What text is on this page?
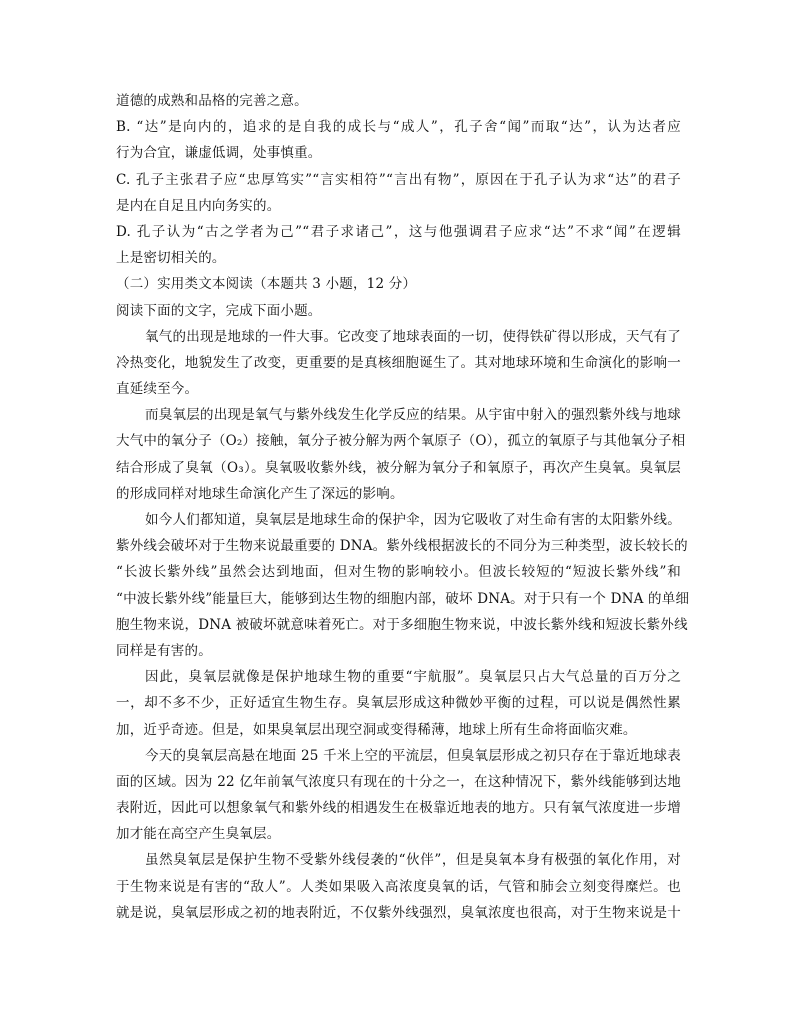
道德的成熟和品格的完善之意。
B. “达”是向内的，追求的是自我的成长与“成人”，孔子舍“闻”而取“达”，认为达者应
行为合宜，谦虚低调，处事慎重。
C. 孔子主张君子应“忠厚笃实”“言实相符”“言出有物”，原因在于孔子认为求“达”的君子
是内在自足且内向务实的。
D. 孔子认为“古之学者为己”“君子求诸己”，这与他强调君子应求“达”不求“闻”在逻辑
上是密切相关的。
（二）实用类文本阅读（本题共 3 小题，12 分）
阅读下面的文字，完成下面小题。
氧气的出现是地球的一件大事。它改变了地球表面的一切，使得铁矿得以形成，天气有了
冷热变化，地貌发生了改变，更重要的是真核细胞诞生了。其对地球环境和生命演化的影响一
直延续至今。
而臭氧层的出现是氧气与紫外线发生化学反应的结果。从宇宙中射入的强烈紫外线与地球
大气中的氧分子（O₂）接触，氧分子被分解为两个氧原子（O），孤立的氧原子与其他氧分子相
结合形成了臭氧（O₃）。臭氧吸收紫外线，被分解为氧分子和氧原子，再次产生臭氧。臭氧层
的形成同样对地球生命演化产生了深远的影响。
如今人们都知道，臭氧层是地球生命的保护伞，因为它吸收了对生命有害的太阳紫外线。
紫外线会破坏对于生物来说最重要的 DNA。紫外线根据波长的不同分为三种类型，波长较长的
“长波长紫外线”虽然会达到地面，但对生物的影响较小。但波长较短的“短波长紫外线”和
“中波长紫外线”能量巨大，能够到达生物的细胞内部，破坏 DNA。对于只有一个 DNA 的单细
胞生物来说，DNA 被破坏就意味着死亡。对于多细胞生物来说，中波长紫外线和短波长紫外线
同样是有害的。
因此，臭氧层就像是保护地球生物的重要“宇航服”。臭氧层只占大气总量的百万分之
一，却不多不少，正好适宜生物生存。臭氧层形成这种微妙平衡的过程，可以说是偶然性累
加，近乎奇迹。但是，如果臭氧层出现空洞或变得稀薄，地球上所有生命将面临灾难。
今天的臭氧层高悬在地面 25 千米上空的平流层，但臭氧层形成之初只存在于靠近地球表
面的区域。因为 22 亿年前氧气浓度只有现在的十分之一，在这种情况下，紫外线能够到达地
表附近，因此可以想象氧气和紫外线的相遇发生在极靠近地表的地方。只有氧气浓度进一步增
加才能在高空产生臭氧层。
虽然臭氧层是保护生物不受紫外线侵袭的“伙伴”，但是臭氧本身有极强的氧化作用，对
于生物来说是有害的“敌人”。人类如果吸入高浓度臭氧的话，气管和肺会立刻变得糜烂。也
就是说，臭氧层形成之初的地表附近，不仅紫外线强烈，臭氧浓度也很高，对于生物来说是十
